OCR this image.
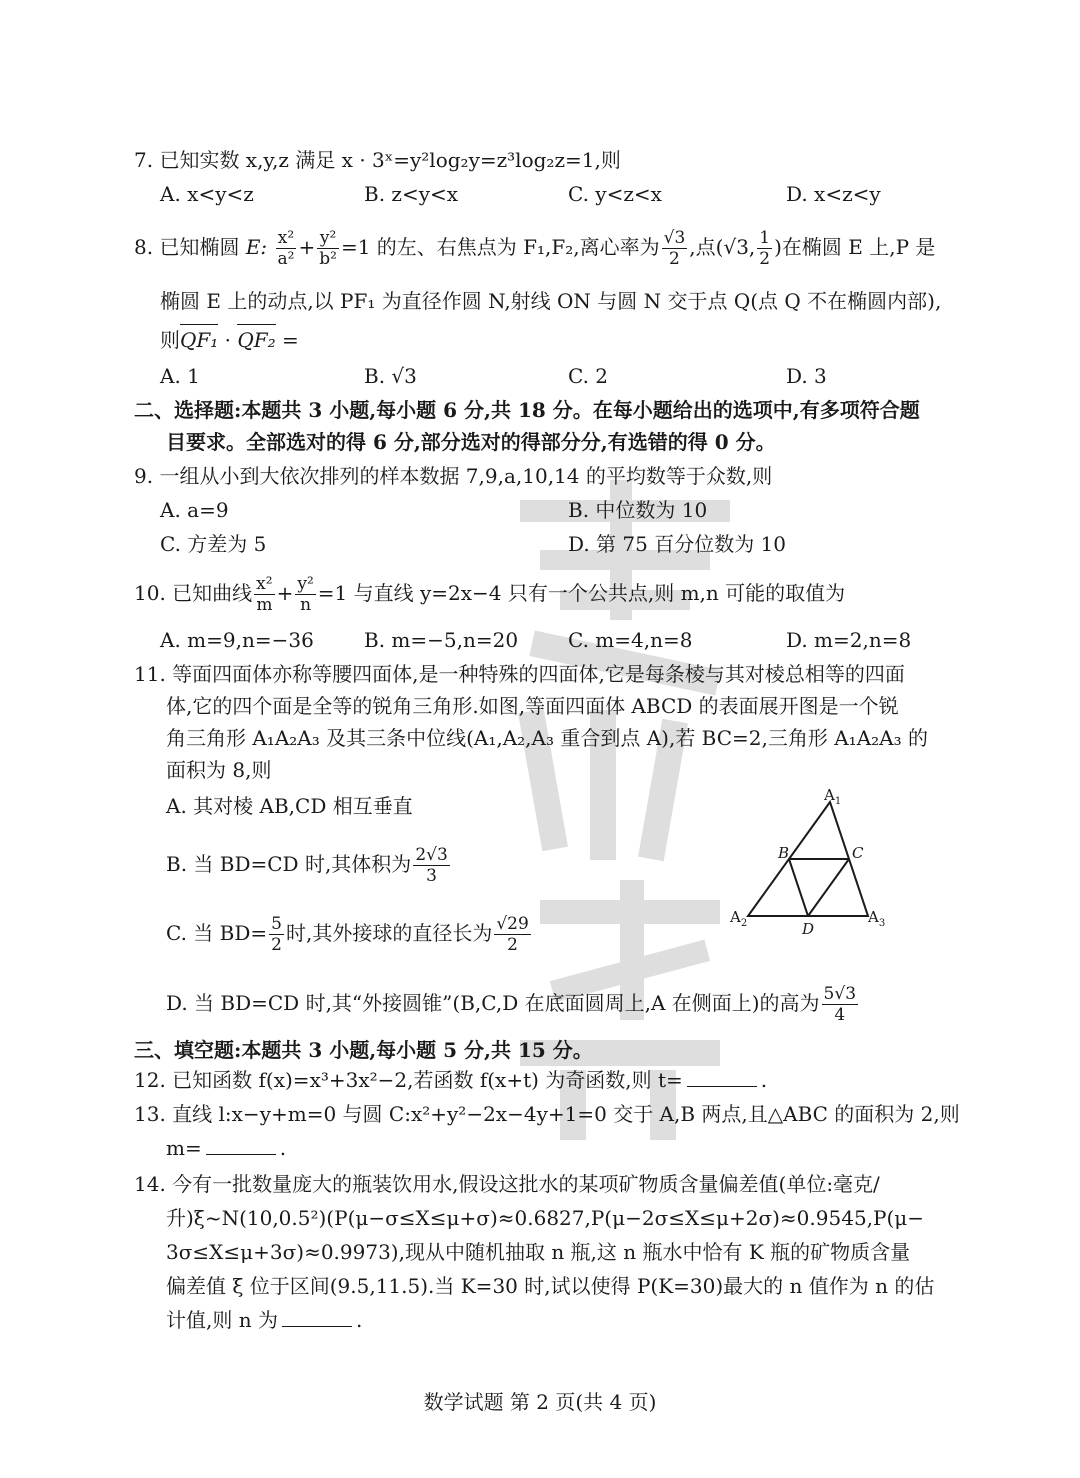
7. 已知实数 x,y,z 满足 x · 3ˣ=y²log₂y=z³log₂z=1,则
A. x<y<z	B. z<y<x	C. y<z<x	D. x<z<y
8. 已知椭圆 E: $\frac{\text{x²}}{\text{a²}} + \frac{\text{y²}}{\text{b²}} =1$ 的左、右焦点为 F₁,F₂,离心率为 $\frac{√3}{2}$ ,点(√3, $\frac{1}{2}$ )在椭圆 E 上,P 是
椭圆 E 上的动点,以 PF₁ 为直径作圆 N,射线 ON 与圆 N 交于点 Q(点 Q 不在椭圆内部),
则QF₁ · QF₂ =
A. 1	B. √3	C. 2	D. 3
二、选择题:本题共 3 小题,每小题 6 分,共 18 分。在每小题给出的选项中,有多项符合题
目要求。全部选对的得 6 分,部分选对的得部分分,有选错的得 0 分。
9. 一组从小到大依次排列的样本数据 7,9,a,10,14 的平均数等于众数,则
A. a=9	B. 中位数为 10
C. 方差为 5	D. 第 75 百分位数为 10
10. 已知曲线 $\frac{\text{x²}}{m} + \frac{\text{y²}}{n} =1$ 与直线 y=2x−4 只有一个公共点,则 m,n 可能的取值为
A. m=9,n=−36	B. m=−5,n=20 C. m=4,n=8	D. m=2,n=8
11. 等面四面体亦称等腰四面体,是一种特殊的四面体,它是每条棱与其对棱总相等的四面
体,它的四个面是全等的锐角三角形.如图,等面四面体 ABCD 的表面展开图是一个锐
角三角形 A₁A₂A₃ 及其三条中位线(A₁,A₂,A₃ 重合到点 A),若 BC=2,三角形 A₁A₂A₃ 的
面积为 8,则
A. 其对棱 AB,CD 相互垂直
B. 当 BD=CD 时,其体积为 $\frac{2√3}{3}$
C. 当 $BD= \frac{5}{2}$ 时,其外接球的直径长为 $\frac{√29}{2}$
D. 当 BD=CD 时,其“外接圆锥”(B,C,D 在底面圆周上,A 在侧面上)的高为 $\frac{5√3}{4}$
$A_1$
$A_2$	$A_3$
B	C
D
三、填空题:本题共 3 小题,每小题 5 分,共 15 分。
12. 已知函数 f(x)=x³+3x²−2,若函数 f(x+t) 为奇函数,则 t=	.
13. 直线 l:x−y+m=0 与圆 C:x²+y²−2x−4y+1=0 交于 A,B 两点,且△ABC 的面积为 2,则
m=	.
14. 今有一批数量庞大的瓶装饮用水,假设这批水的某项矿物质含量偏差值(单位:毫克/
升)ξ~N(10,0.5²)(P(μ−σ≤X≤μ+σ)≈0.6827,P(μ−2σ≤X≤μ+2σ)≈0.9545,P(μ−
3σ≤X≤μ+3σ)≈0.9973),现从中随机抽取 n 瓶,这 n 瓶水中恰有 K 瓶的矿物质含量
偏差值 ξ 位于区间(9.5,11.5).当 K=30 时,试以使得 P(K=30)最大的 n 值作为 n 的估
计值,则 n 为	.
数学试题 第 2 页(共 4 页)
